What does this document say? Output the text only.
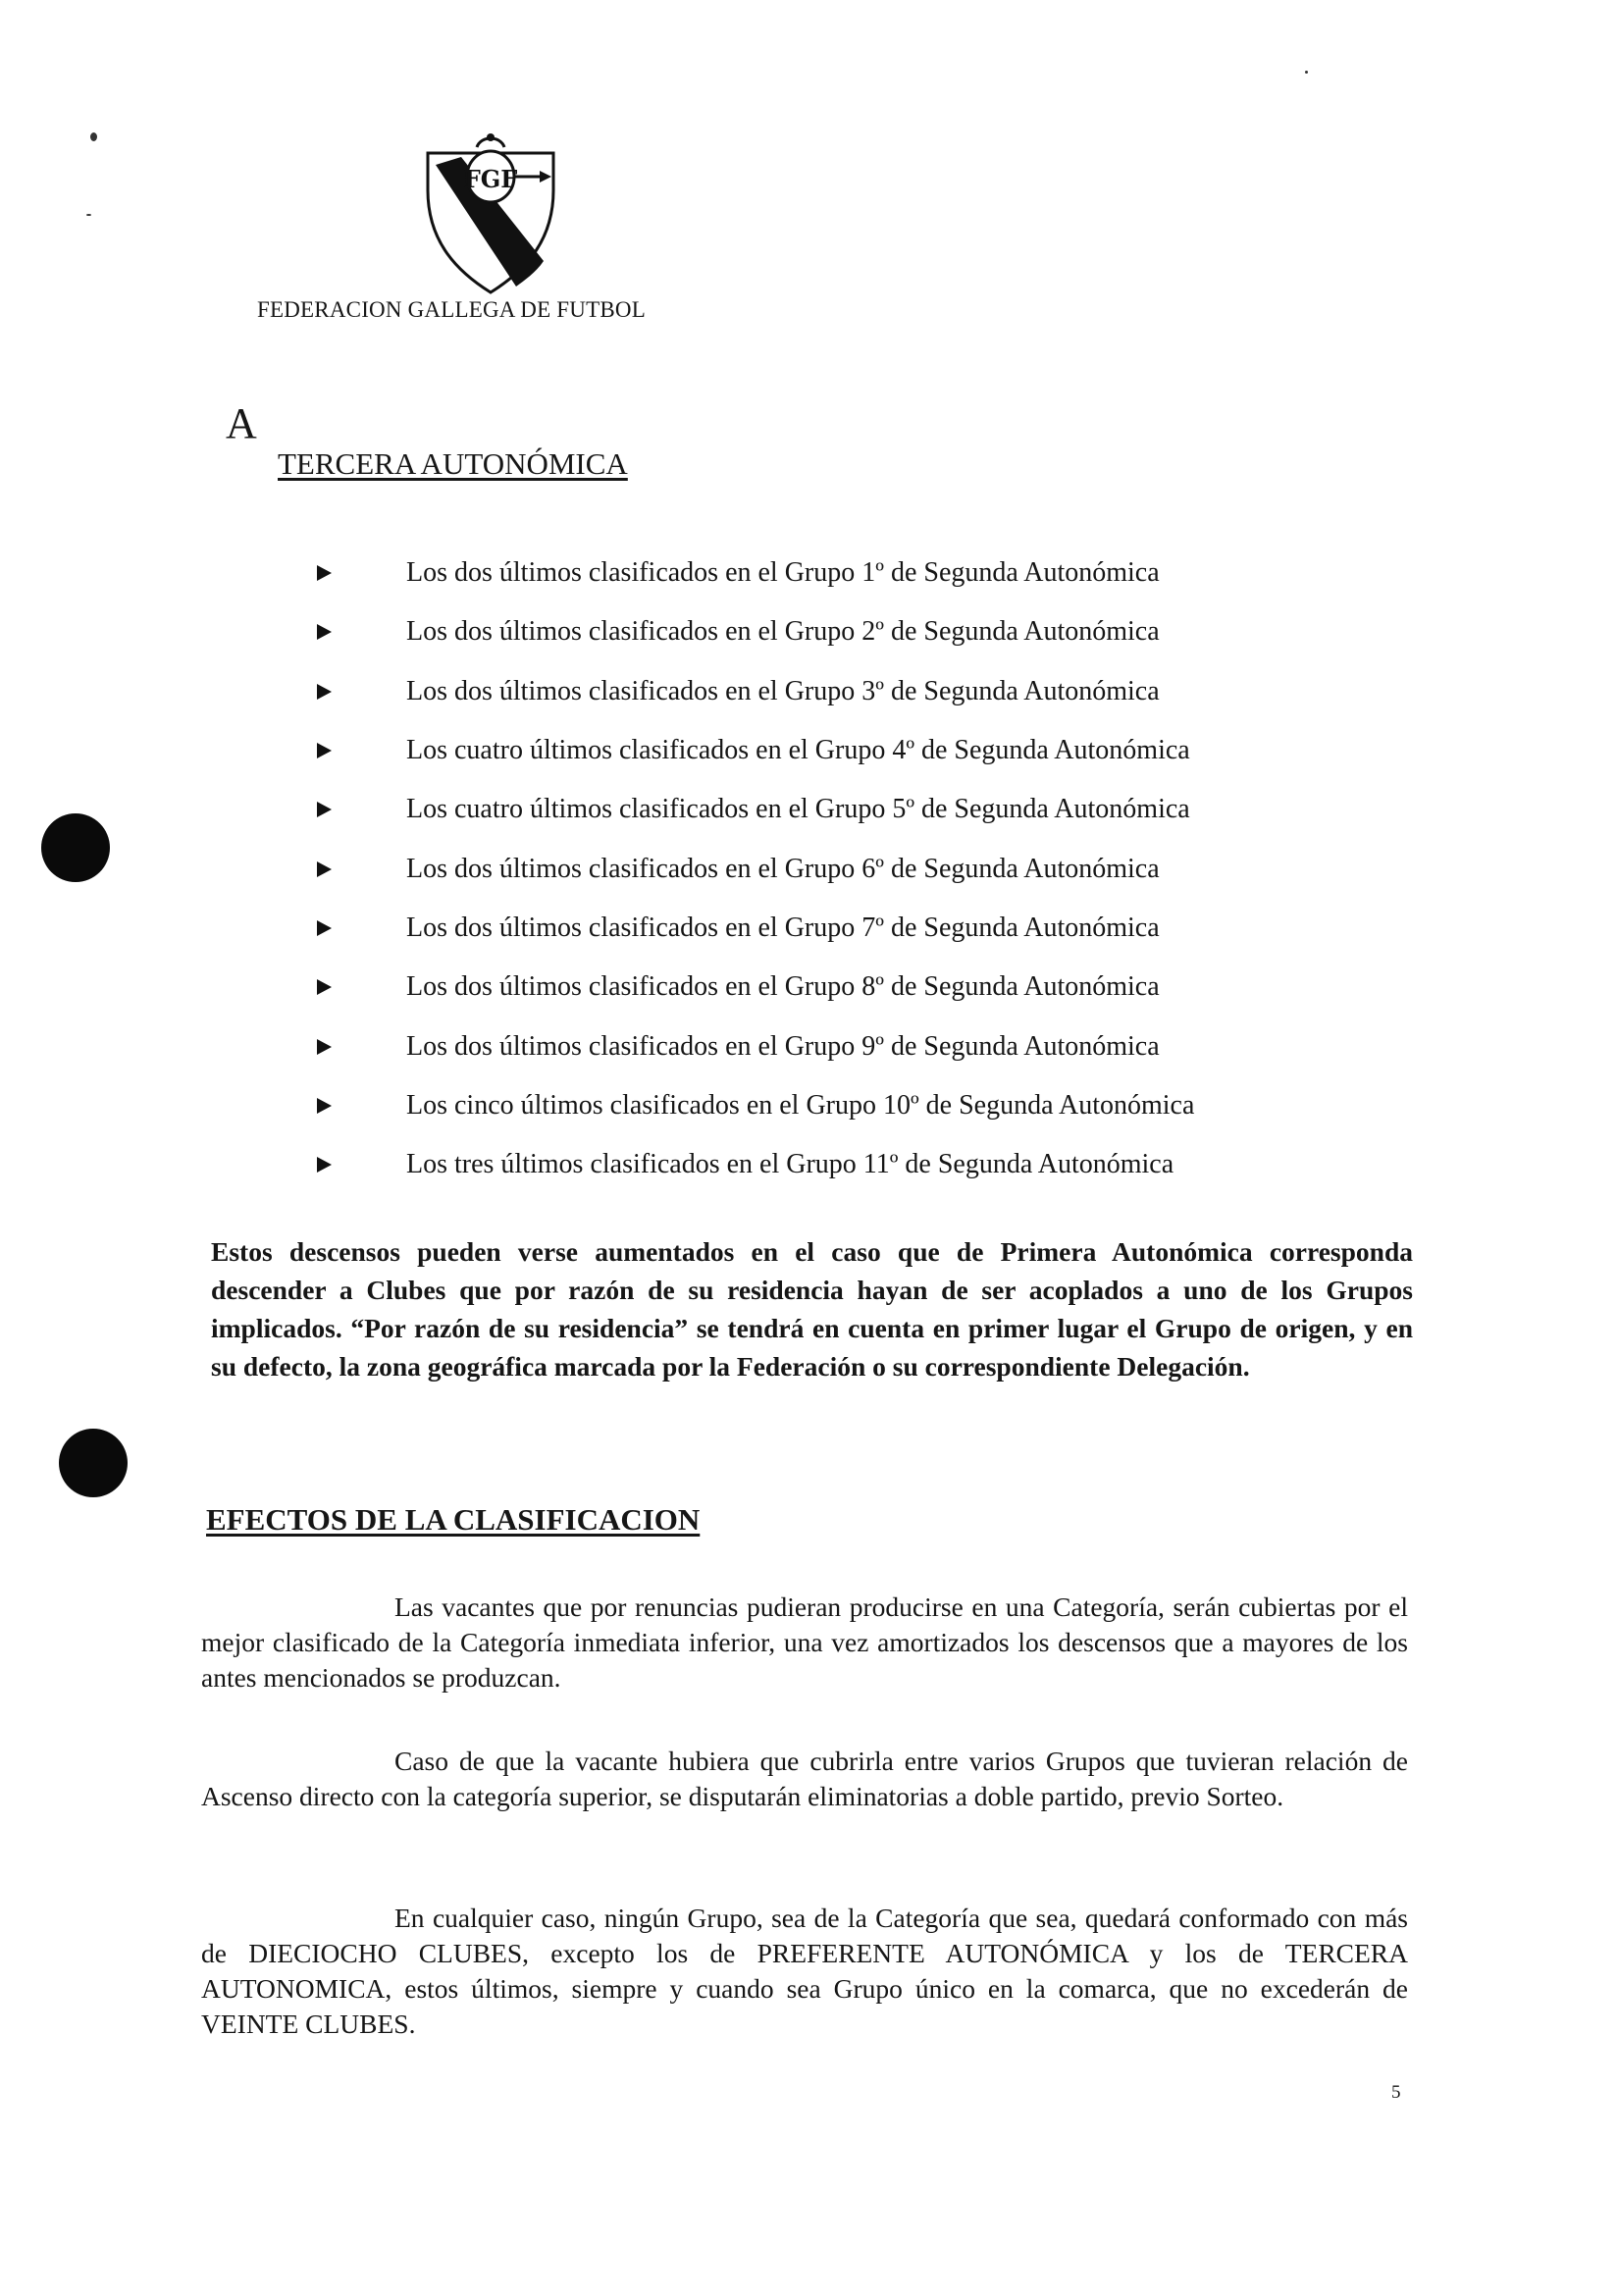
FGF
FEDERACION GALLEGA DE FUTBOL
A
TERCERA AUTONÓMICA
Los dos últimos clasificados en el Grupo 1º de Segunda Autonómica
Los dos últimos clasificados en el Grupo 2º de Segunda Autonómica
Los dos últimos clasificados en el Grupo 3º de Segunda Autonómica
Los cuatro últimos clasificados en el Grupo 4º de Segunda Autonómica
Los cuatro últimos clasificados en el Grupo 5º de Segunda Autonómica
Los dos últimos clasificados en el Grupo 6º de Segunda Autonómica
Los dos últimos clasificados en el Grupo 7º de Segunda Autonómica
Los dos últimos clasificados en el Grupo 8º de Segunda Autonómica
Los dos últimos clasificados en el Grupo 9º de Segunda Autonómica
Los cinco últimos clasificados en el Grupo 10º de Segunda Autonómica
Los tres últimos clasificados en el Grupo 11º de Segunda Autonómica

Estos descensos pueden verse aumentados en el caso que de Primera Autonómica corresponda descender a Clubes que por razón de su residencia hayan de ser acoplados a uno de los Grupos implicados. “Por razón de su residencia” se tendrá en cuenta en primer lugar el Grupo de origen, y en su defecto, la zona geográfica marcada por la Federación o su correspondiente Delegación.

EFECTOS DE LA CLASIFICACION

Las vacantes que por renuncias pudieran producirse en una Categoría, serán cubiertas por el mejor clasificado de la Categoría inmediata inferior, una vez amortizados los descensos que a mayores de los antes mencionados se produzcan.

Caso de que la vacante hubiera que cubrirla entre varios Grupos que tuvieran relación de Ascenso directo con la categoría superior, se disputarán eliminatorias a doble partido, previo Sorteo.

En cualquier caso, ningún Grupo, sea de la Categoría que sea, quedará conformado con más de DIECIOCHO CLUBES, excepto los de PREFERENTE AUTONÓMICA y los de TERCERA AUTONOMICA, estos últimos, siempre y cuando sea Grupo único en la comarca, que no excederán de VEINTE CLUBES.

5
